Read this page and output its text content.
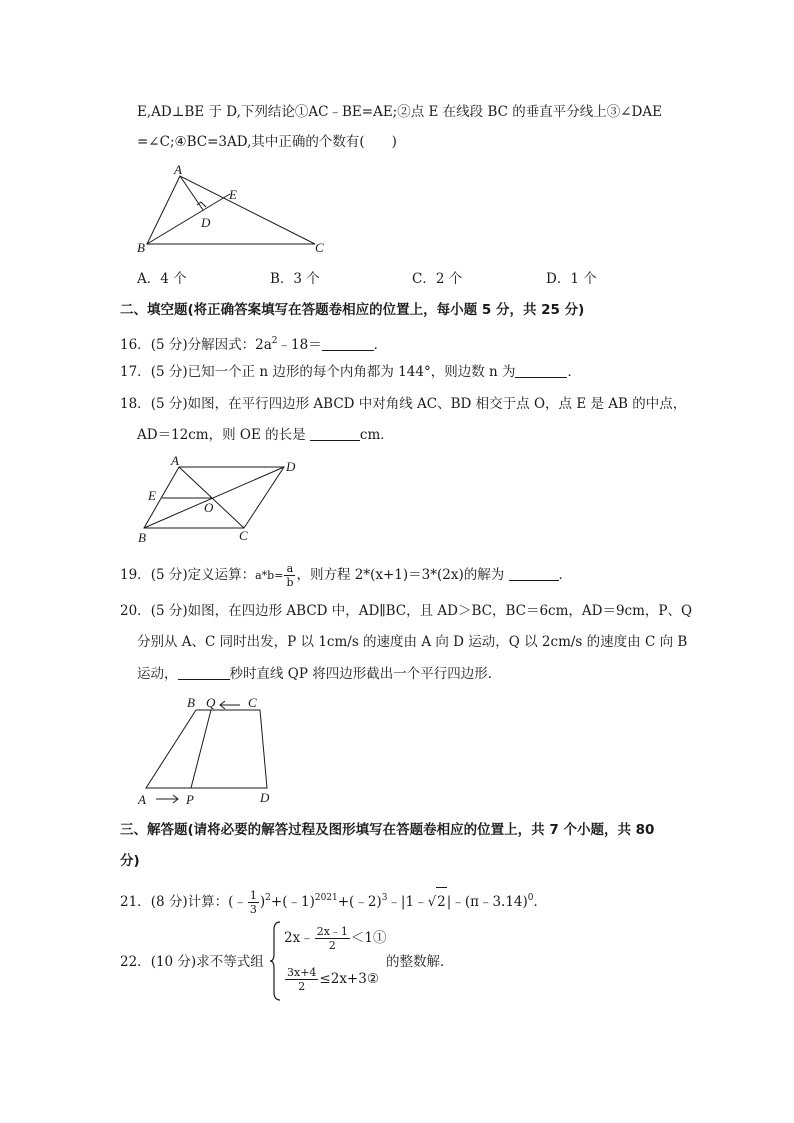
E,AD⊥BE 于 D,下列结论①AC﹣BE=AE;②点 E 在线段 BC 的垂直平分线上③∠DAE
=∠C;④BC=3AD,其中正确的个数有(　　)
A
E
D
B	C
A．4 个	B．3 个	C．2 个	D．1 个
二、填空题(将正确答案填写在答题卷相应的位置上，每小题 5 分，共 25 分)
16．(5 分)分解因式：$2a^2﹣18=$	．
17．(5 分)已知一个正 n 边形的每个内角都为 144°，则边数 n 为	．
18．(5 分)如图，在平行四边形 ABCD 中对角线 AC、BD 相交于点 O，点 E 是 AB 的中点，
AD＝12cm，则 OE 的长是	cm．
A	D
E
O
C
B
19．(5 分)定义运算：$a*b= \frac{a}{b}$ ，则方程 2*(x+1)＝3*(2x)的解为	．
20．(5 分)如图，在四边形 ABCD 中，AD∥BC，且 AD＞BC，BC＝6cm，AD＝9cm，P、Q
分别从 A、C 同时出发，P 以 1cm/s 的速度由 A 向 D 运动，Q 以 2cm/s 的速度由 C 向 B
运动，	秒时直线 QP 将四边形截出一个平行四边形．
B Q	C
A	P	D
三、解答题(请将必要的解答过程及图形填写在答题卷相应的位置上，共 7 个小题，共 80
分)
21．(8 分)计算：(﹣ $\frac{1}{3}$ )$^2$+(﹣1)$^{2021}$+(﹣2)$^3$﹣|1﹣√2|﹣(π﹣3.14)$^0$．
22．(10 分)求不等式组
2x﹣ $\frac{2x﹣1}{2}$ ＜1①
$\frac{3x+4}{2}$ ≤2x+3②
的整数解．
